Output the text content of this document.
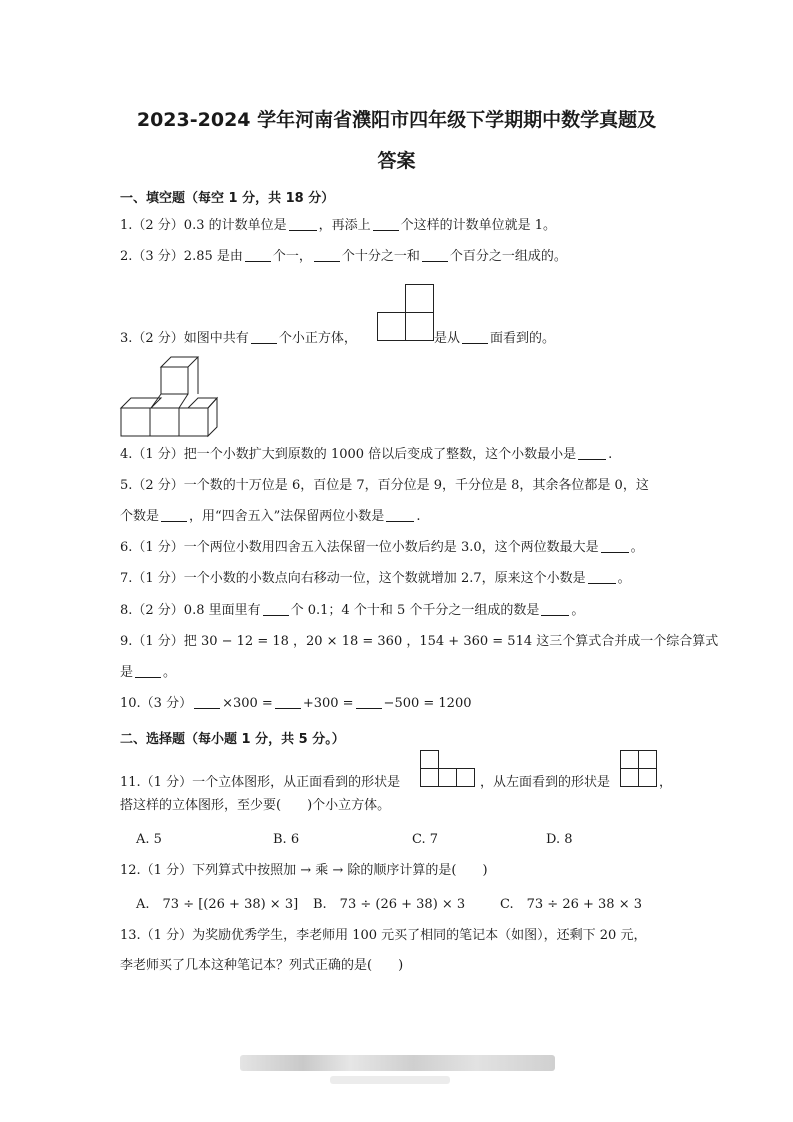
2023-2024 学年河南省濮阳市四年级下学期期中数学真题及
答案
一、填空题（每空 1 分，共 18 分）
1.（2 分）0.3 的计数单位是 ，再添上 个这样的计数单位就是 1。
2.（3 分）2.85 是由 个一， 个十分之一和 个百分之一组成的。
3.（2 分）如图中共有 个小正方体，	是从 面看到的。
4.（1 分）把一个小数扩大到原数的 1000 倍以后变成了整数，这个小数最小是 .
5.（2 分）一个数的十万位是 6，百位是 7，百分位是 9，千分位是 8，其余各位都是 0，这
个数是 ，用“四舍五入”法保留两位小数是 .
6.（1 分）一个两位小数用四舍五入法保留一位小数后约是 3.0，这个两位数最大是 。
7.（1 分）一个小数的小数点向右移动一位，这个数就增加 2.7，原来这个小数是 。
8.（2 分）0.8 里面里有 个 0.1；4 个十和 5 个千分之一组成的数是 。
9.（1 分）把 30 − 12 = 18 ，20 × 18 = 360 ，154 + 360 = 514 这三个算式合并成一个综合算式
是 。
10.（3 分） ×300 = +300 = −500 = 1200
二、选择题（每小题 1 分，共 5 分。）
11.（1 分）一个立体图形，从正面看到的形状是	，从左面看到的形状是	，
搭这样的立体图形，至少要(　　)个小立方体。
A. 5	B. 6	C. 7	D. 8
12.（1 分）下列算式中按照加 → 乘 → 除的顺序计算的是(　　)
A.　73 ÷ [(26 + 38) × 3] B.　73 ÷ (26 + 38) × 3	C.　73 ÷ 26 + 38 × 3
13.（1 分）为奖励优秀学生，李老师用 100 元买了相同的笔记本（如图），还剩下 20 元，
李老师买了几本这种笔记本？列式正确的是(　　)
